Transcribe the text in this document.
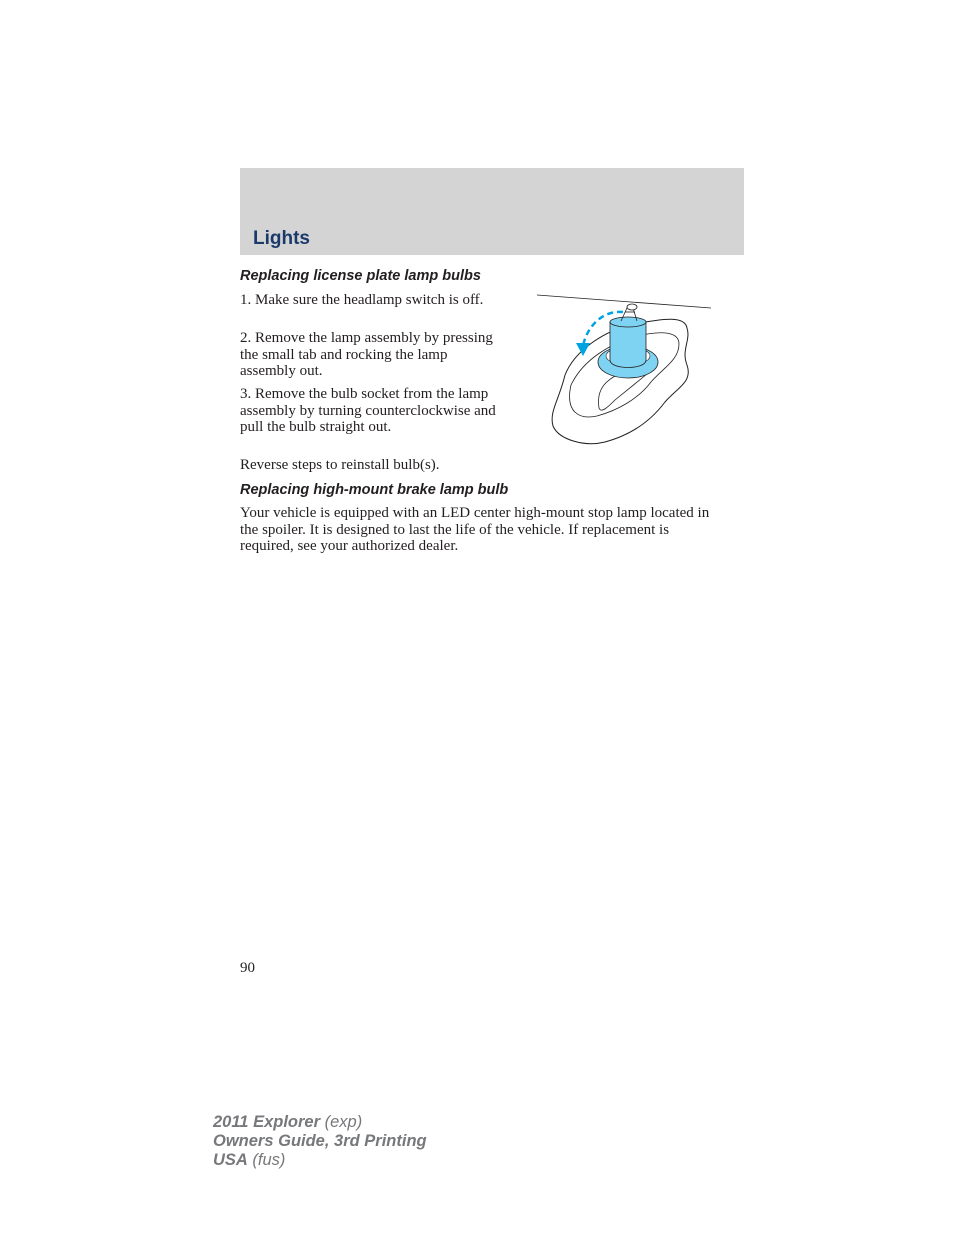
Lights
Replacing license plate lamp bulbs
1. Make sure the headlamp switch is off.
2. Remove the lamp assembly by pressing the small tab and rocking the lamp assembly out.
3. Remove the bulb socket from the lamp assembly by turning counterclockwise and pull the bulb straight out.
Reverse steps to reinstall bulb(s).
Replacing high-mount brake lamp bulb
Your vehicle is equipped with an LED center high-mount stop lamp located in the spoiler. It is designed to last the life of the vehicle. If replacement is required, see your authorized dealer.
90
2011 Explorer (exp)
Owners Guide, 3rd Printing
USA (fus)
